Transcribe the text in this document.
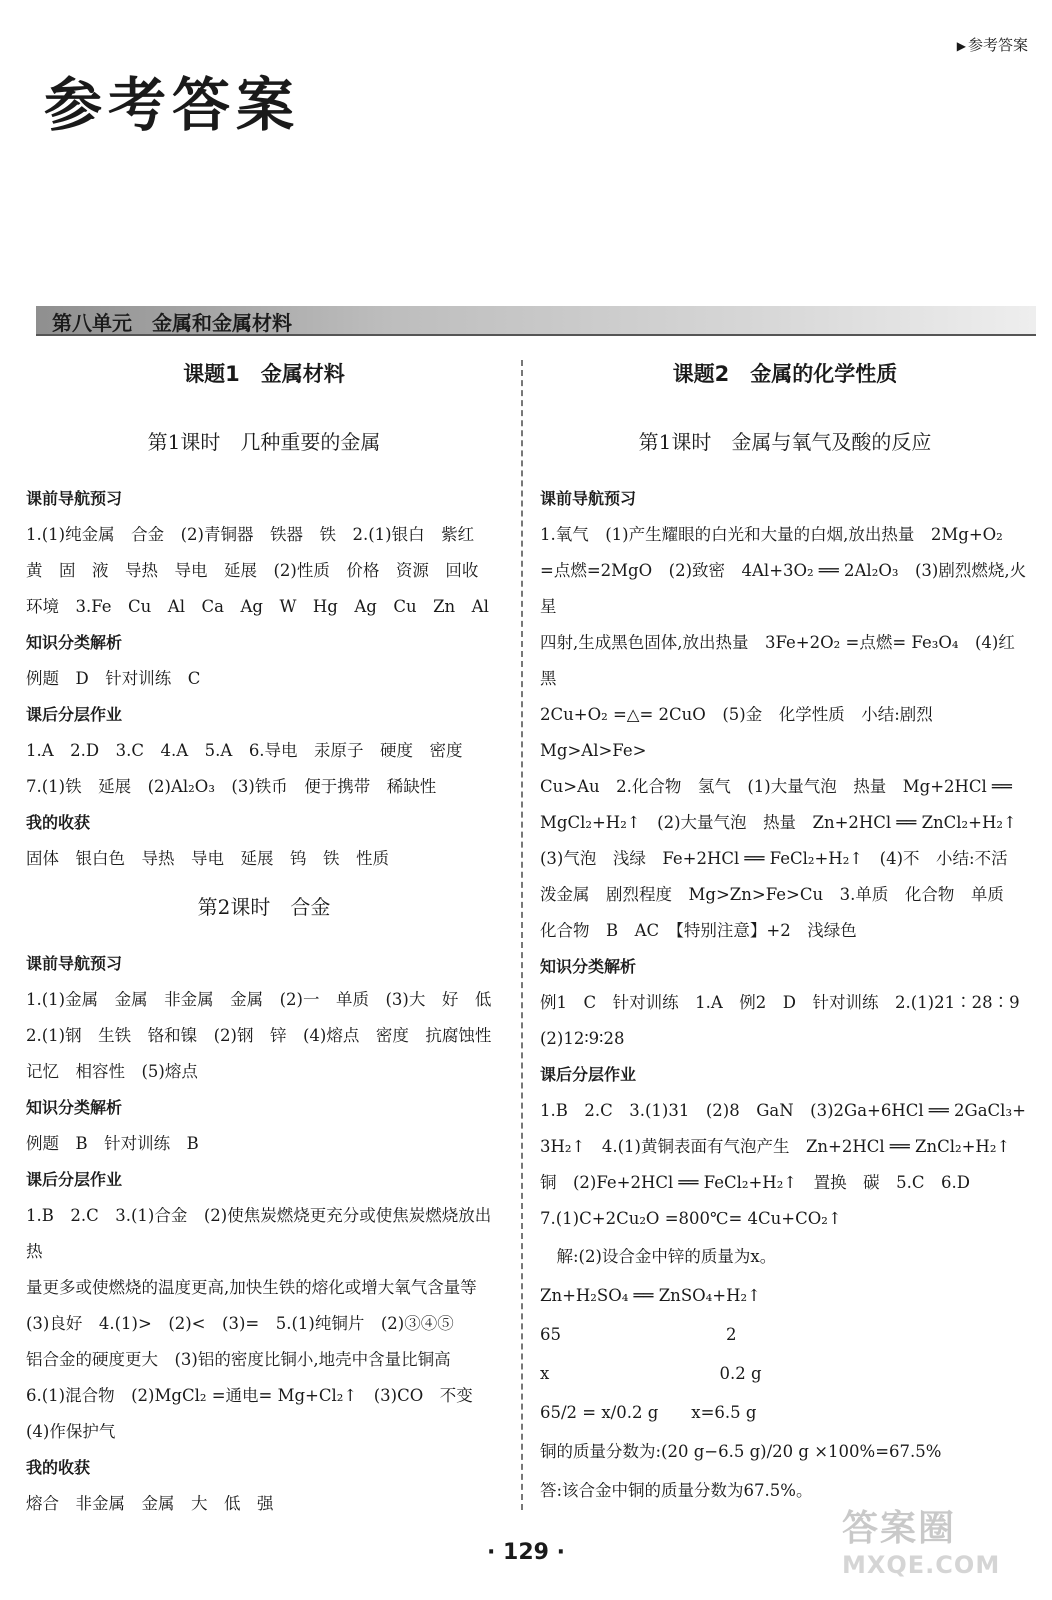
▶ 参考答案
参考答案
第八单元　金属和金属材料
课题1　金属材料
第1课时　几种重要的金属
课前导航预习

1.(1)纯金属　合金　(2)青铜器　铁器　铁　2.(1)银白　紫红

黄　固　液　导热　导电　延展　(2)性质　价格　资源　回收

环境　3.Fe　Cu　Al　Ca　Ag　W　Hg　Ag　Cu　Zn　Al

知识分类解析

例题　D　针对训练　C

课后分层作业

1.A　2.D　3.C　4.A　5.A　6.导电　汞原子　硬度　密度

7.(1)铁　延展　(2)Al₂O₃　(3)铁币　便于携带　稀缺性

我的收获

固体　银白色　导热　导电　延展　钨　铁　性质

第2课时　合金
课前导航预习

1.(1)金属　金属　非金属　金属　(2)一　单质　(3)大　好　低

2.(1)钢　生铁　铬和镍　(2)钢　锌　(4)熔点　密度　抗腐蚀性

记忆　相容性　(5)熔点

知识分类解析

例题　B　针对训练　B

课后分层作业

1.B　2.C　3.(1)合金　(2)使焦炭燃烧更充分或使焦炭燃烧放出热

量更多或使燃烧的温度更高,加快生铁的熔化或增大氧气含量等

(3)良好　4.(1)>　(2)<　(3)=　5.(1)纯铜片　(2)③④⑤

铝合金的硬度更大　(3)铝的密度比铜小,地壳中含量比铜高

6.(1)混合物　(2)MgCl₂ =通电= Mg+Cl₂↑　(3)CO　不变

(4)作保护气

我的收获

熔合　非金属　金属　大　低　强

课题2　金属的化学性质
第1课时　金属与氧气及酸的反应
课前导航预习

1.氧气　(1)产生耀眼的白光和大量的白烟,放出热量　2Mg+O₂

=点燃=2MgO　(2)致密　4Al+3O₂ ══ 2Al₂O₃　(3)剧烈燃烧,火星

四射,生成黑色固体,放出热量　3Fe+2O₂ =点燃= Fe₃O₄　(4)红　黑

2Cu+O₂ =△= 2CuO　(5)金　化学性质　小结:剧烈　Mg>Al>Fe>

Cu>Au　2.化合物　氢气　(1)大量气泡　热量　Mg+2HCl ══

MgCl₂+H₂↑　(2)大量气泡　热量　Zn+2HCl ══ ZnCl₂+H₂↑

(3)气泡　浅绿　Fe+2HCl ══ FeCl₂+H₂↑　(4)不　小结:不活

泼金属　剧烈程度　Mg>Zn>Fe>Cu　3.单质　化合物　单质

化合物　B　AC　【特别注意】+2　浅绿色

知识分类解析

例1　C　针对训练　1.A　例2　D　针对训练　2.(1)21∶28∶9

(2)12∶9∶28

课后分层作业

1.B　2.C　3.(1)31　(2)8　GaN　(3)2Ga+6HCl ══ 2GaCl₃+

3H₂↑　4.(1)黄铜表面有气泡产生　Zn+2HCl ══ ZnCl₂+H₂↑

铜　(2)Fe+2HCl ══ FeCl₂+H₂↑　置换　碳　5.C　6.D

7.(1)C+2Cu₂O =800℃= 4Cu+CO₂↑

　解:(2)设合金中锌的质量为x。

Zn+H₂SO₄ ══ ZnSO₄+H₂↑

65　　　　　　　　　　2

x　　　　　　　　　　 0.2 g

65/2 = x/0.2 g　　x=6.5 g

铜的质量分数为:(20 g−6.5 g)/20 g ×100%=67.5%

答:该合金中铜的质量分数为67.5%。

· 129 ·
答案圈
MXQE.COM
